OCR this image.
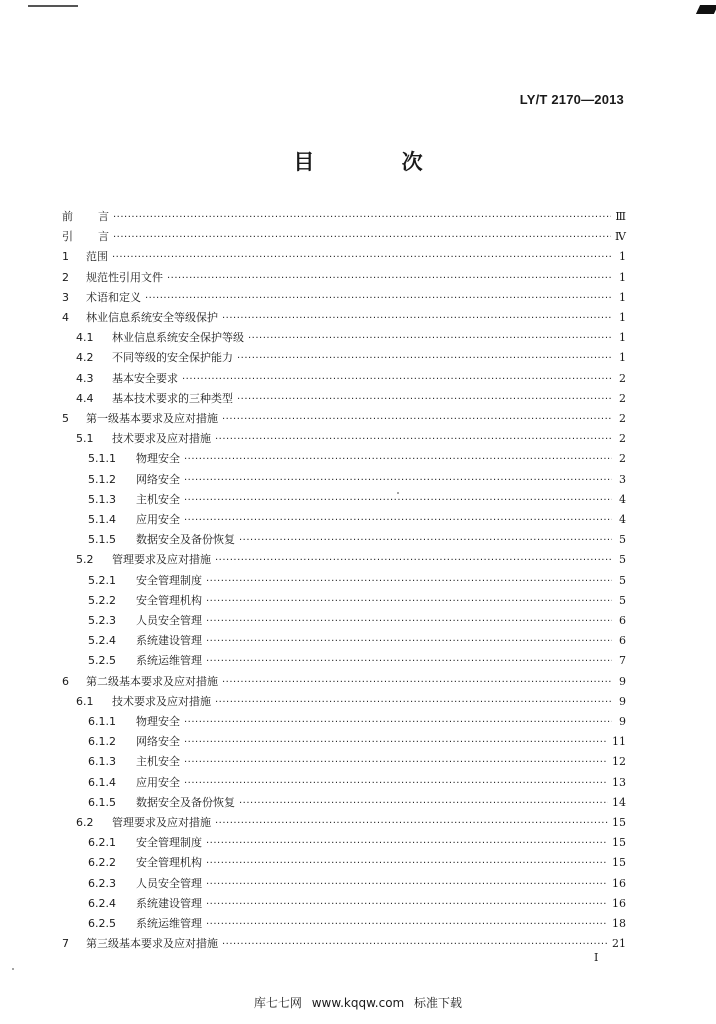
LY/T 2170—2013
目 次
前	言 ·····	Ⅲ
引	言 ·····	Ⅳ
1	范围 ·····	1
2	规范性引用文件 ·····	1
3	术语和定义 ·····	1
4	林业信息系统安全等级保护 ·····	1
4.1	林业信息系统安全保护等级 ·····	1
4.2	不同等级的安全保护能力 ·····	1
4.3	基本安全要求 ·····	2
4.4	基本技术要求的三种类型 ·····	2
5	第一级基本要求及应对措施 ·····	2
5.1	技术要求及应对措施 ·····	2
5.1.1	物理安全 ·····	2
5.1.2	网络安全 ·····	3
5.1.3	主机安全 ·····	4
5.1.4	应用安全 ·····	4
5.1.5	数据安全及备份恢复 ·····	5
5.2	管理要求及应对措施 ·····	5
5.2.1	安全管理制度 ·····	5
5.2.2	安全管理机构 ·····	5
5.2.3	人员安全管理 ·····	6
5.2.4	系统建设管理 ·····	6
5.2.5	系统运维管理 ·····	7
6	第二级基本要求及应对措施 ·····	9
6.1	技术要求及应对措施 ·····	9
6.1.1	物理安全 ·····	9
6.1.2	网络安全 ·····	11
6.1.3	主机安全 ·····	12
6.1.4	应用安全 ·····	13
6.1.5	数据安全及备份恢复 ·····	14
6.2	管理要求及应对措施 ·····	15
6.2.1	安全管理制度 ·····	15
6.2.2	安全管理机构 ·····	15
6.2.3	人员安全管理 ·····	16
6.2.4	系统建设管理 ·····	16
6.2.5	系统运维管理 ·····	18
7	第三级基本要求及应对措施 ·····	21
I
库七七网 www.kqqw.com 标准下载
